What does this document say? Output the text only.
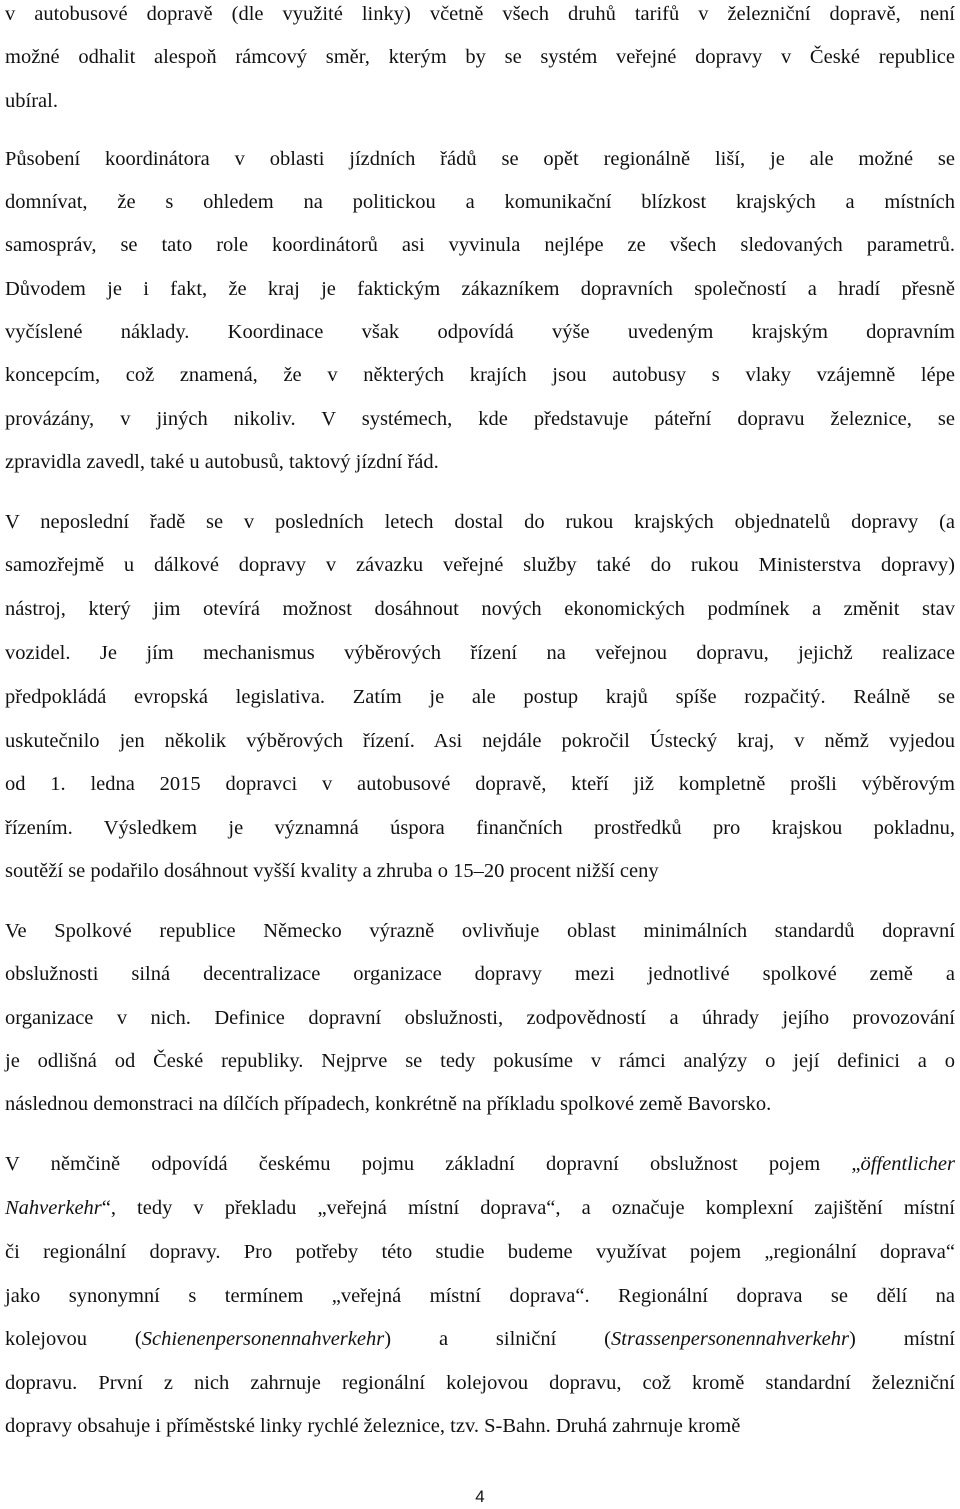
v autobusové dopravě (dle využité linky) včetně všech druhů tarifů v železniční dopravě, není
možné odhalit alespoň rámcový směr, kterým by se systém veřejné dopravy v České republice
ubíral.
Působení koordinátora v oblasti jízdních řádů se opět regionálně liší, je ale možné se
domnívat, že s ohledem na politickou a komunikační blízkost krajských a místních
samospráv, se tato role koordinátorů asi vyvinula nejlépe ze všech sledovaných parametrů.
Důvodem je i fakt, že kraj je faktickým zákazníkem dopravních společností a hradí přesně
vyčíslené náklady. Koordinace však odpovídá výše uvedeným krajským dopravním
koncepcím, což znamená, že v některých krajích jsou autobusy s vlaky vzájemně lépe
provázány, v jiných nikoliv. V systémech, kde představuje páteřní dopravu železnice, se
zpravidla zavedl, také u autobusů, taktový jízdní řád.
V neposlední řadě se v posledních letech dostal do rukou krajských objednatelů dopravy (a
samozřejmě u dálkové dopravy v závazku veřejné služby také do rukou Ministerstva dopravy)
nástroj, který jim otevírá možnost dosáhnout nových ekonomických podmínek a změnit stav
vozidel. Je jím mechanismus výběrových řízení na veřejnou dopravu, jejichž realizace
předpokládá evropská legislativa. Zatím je ale postup krajů spíše rozpačitý. Reálně se
uskutečnilo jen několik výběrových řízení. Asi nejdále pokročil Ústecký kraj, v němž vyjedou
od 1. ledna 2015 dopravci v autobusové dopravě, kteří již kompletně prošli výběrovým
řízením. Výsledkem je významná úspora finančních prostředků pro krajskou pokladnu,
soutěží se podařilo dosáhnout vyšší kvality a zhruba o 15–20 procent nižší ceny
Ve Spolkové republice Německo výrazně ovlivňuje oblast minimálních standardů dopravní
obslužnosti silná decentralizace organizace dopravy mezi jednotlivé spolkové země a
organizace v nich. Definice dopravní obslužnosti, zodpovědností a úhrady jejího provozování
je odlišná od České republiky. Nejprve se tedy pokusíme v rámci analýzy o její definici a o
následnou demonstraci na dílčích případech, konkrétně na příkladu spolkové země Bavorsko.
V němčině odpovídá českému pojmu základní dopravní obslužnost pojem „öffentlicher
Nahverkehr“, tedy v překladu „veřejná místní doprava“, a označuje komplexní zajištění místní
či regionální dopravy. Pro potřeby této studie budeme využívat pojem „regionální doprava“
jako synonymní s termínem „veřejná místní doprava“. Regionální doprava se dělí na
kolejovou (Schienenpersonennahverkehr) a silniční (Strassenpersonennahverkehr) místní
dopravu. První z nich zahrnuje regionální kolejovou dopravu, což kromě standardní železniční
dopravy obsahuje i příměstské linky rychlé železnice, tzv. S-Bahn. Druhá zahrnuje kromě
4
